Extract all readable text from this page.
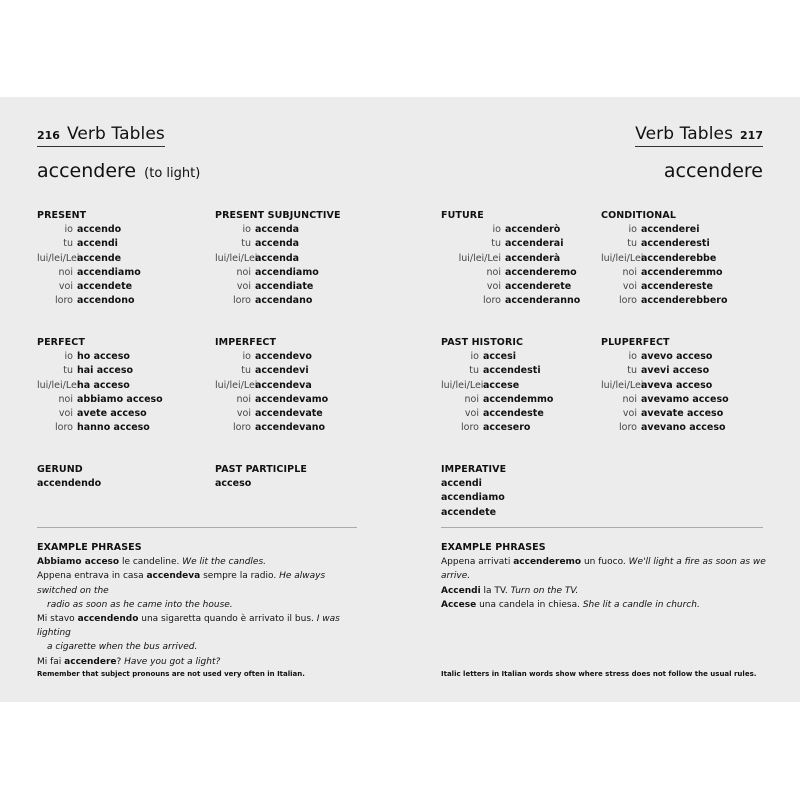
216 Verb Tables
accendere (to light)
PRESENT
io accendo
tu accendi
lui/lei/Lei
accende
noi accendiamo
voi accendete
loro accendono
PRESENT SUBJUNCTIVE
io accenda
tu accenda
lui/lei/Lei
accenda
noi accendiamo
voi accendiate
loro accendano
PERFECT
io ho acceso
tu hai acceso
lui/lei/Lei
ha acceso
noi abbiamo acceso
voi avete acceso
loro hanno acceso
IMPERFECT
io accendevo
tu accendevi
lui/lei/Lei
accendeva
noi accendevamo
voi accendevate
loro accendevano
GERUND
accendendo
PAST PARTICIPLE
acceso
EXAMPLE PHRASES
Abbiamo acceso le candeline. We lit the candles.
Appena entrava in casa accendeva sempre la radio. He always switched on the
radio as soon as he came into the house.
Mi stavo accendendo una sigaretta quando è arrivato il bus. I was lighting
a cigarette when the bus arrived.
Mi fai accendere? Have you got a light?
Remember that subject pronouns are not used very often in Italian.
Verb Tables 217
accendere
FUTURE
io accenderò
tu accenderai
lui/lei/Lei accenderà
noi accenderemo
voi accenderete
loro accenderanno
CONDITIONAL
io accenderei
tu accenderesti
lui/lei/Lei
accenderebbe
noi accenderemmo
voi accendereste
loro accenderebbero
PAST HISTORIC
io accesi
tu accendesti
lui/lei/Lei accese
noi accendemmo
voi accendeste
loro accesero
PLUPERFECT
io avevo acceso
tu avevi acceso
lui/lei/Lei
aveva acceso
noi avevamo acceso
voi avevate acceso
loro avevano acceso
IMPERATIVE
accendi
accendiamo
accendete
EXAMPLE PHRASES
Appena arrivati accenderemo un fuoco. We'll light a fire as soon as we arrive.
Accendi la TV. Turn on the TV.
Accese una candela in chiesa. She lit a candle in church.
Italic letters in Italian words show where stress does not follow the usual rules.
